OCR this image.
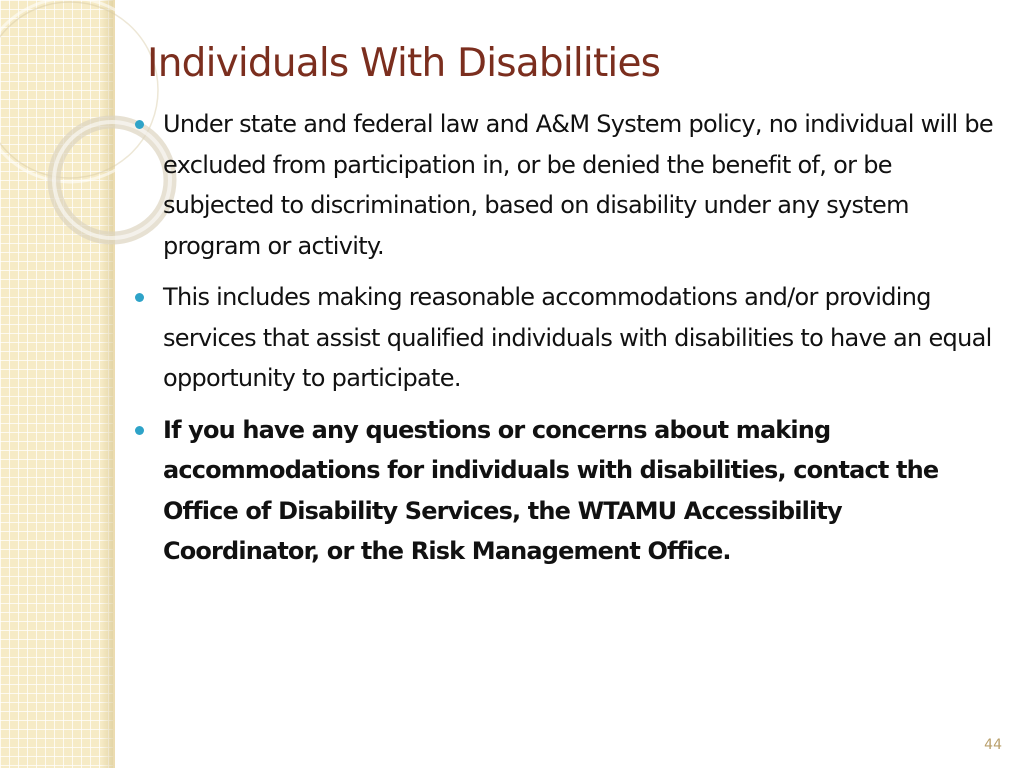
Individuals With Disabilities
Under state and federal law and A&M System policy, no individual will be excluded from participation in, or be denied the benefit of, or be subjected to discrimination, based on disability under any system program or activity.
This includes making reasonable accommodations and/or providing services that assist qualified individuals with disabilities to have an equal opportunity to participate.
If you have any questions or concerns about making accommodations for individuals with disabilities, contact the Office of Disability Services, the WTAMU Accessibility Coordinator, or the Risk Management Office.
44
